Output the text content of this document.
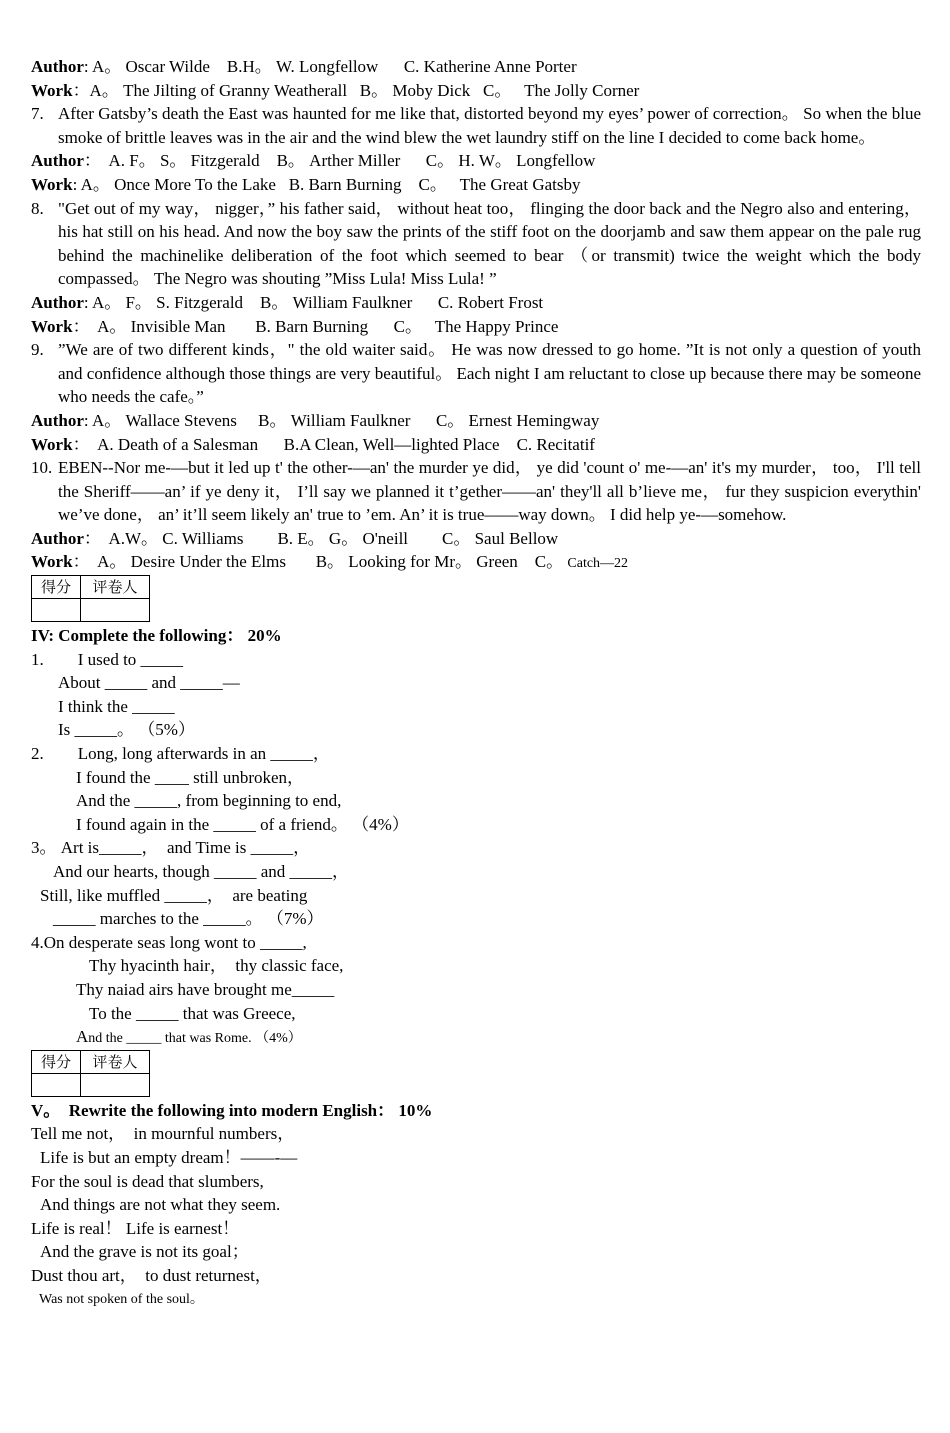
Author: A。 Oscar Wilde    B.H。 W. Longfellow      C. Katherine Anne Porter
Work：A。 The Jilting of Granny Weatherall   B。 Moby Dick   C。   The Jolly Corner
7. After Gatsby’s death the East was haunted for me like that, distorted beyond my eyes’ power of correction。 So when the blue smoke of brittle leaves was in the air and the wind blew the wet laundry stiff on the line I decided to come back home。
Author：  A. F。 S。 Fitzgerald    B。 Arther Miller      C。 H. W。 Longfellow
Work: A。 Once More To the Lake   B. Barn Burning    C。   The Great Gatsby
8. "Get out of my way， nigger，” his father said， without heat too， flinging the door back and the Negro also and entering， his hat still on his head. And now the boy saw the prints of the stiff foot on the doorjamb and saw them appear on the pale rug behind the machinelike deliberation of the foot which seemed to bear （or transmit) twice the weight which the body compassed。 The Negro was shouting ”Miss Lula! Miss Lula! ”
Author: A。 F。 S. Fitzgerald    B。 William Faulkner      C. Robert Frost
Work：  A。 Invisible Man       B. Barn Burning      C。   The Happy Prince
9. ”We are of two different kinds，" the old waiter said。 He was now dressed to go home. ”It is not only a question of youth and confidence although those things are very beautiful。 Each night I am reluctant to close up because there may be someone who needs the cafe。”
Author: A。 Wallace Stevens     B。 William Faulkner      C。 Ernest Hemingway
Work：  A. Death of a Salesman      B.A Clean, Well—lighted Place    C. Recitatif
10. EBEN--Nor me-—but it led up t' the other-—an' the murder ye did， ye did 'count o' me-—an' it's my murder， too， I'll tell the Sheriff——an’ if ye deny it， I’ll say we planned it t’gether——an' they'll all b’lieve me， fur they suspicion everythin' we’ve done， an’ it’ll seem likely an' true to ’em. An’ it is true——way down。 I did help ye-—somehow.
Author：  A.W。 C. Williams        B. E。 G。 O'neill        C。 Saul Bellow
Work：  A。 Desire Under the Elms       B。 Looking for Mr。 Green    C。 Catch—22
得分	评卷人

IV: Complete the following： 20%
1.        I used to _____
About _____ and _____—
I think the _____
Is _____。 （5%）
2.        Long, long afterwards in an _____，
I found the ____ still unbroken，
And the _____, from beginning to end,
I found again in the _____ of a friend。 （4%）
3。 Art is_____，  and Time is _____，
And our hearts, though _____ and _____，
Still, like muffled _____，  are beating
_____ marches to the _____。 （7%）
4.On desperate seas long wont to _____,
Thy hyacinth hair，  thy classic face,
Thy naiad airs have brought me_____
To the _____ that was Greece,
And the _____ that was Rome. （4%）
得分	评卷人

V。  Rewrite the following into modern English： 10%
Tell me not，  in mournful numbers，
Life is but an empty dream！——-—
For the soul is dead that slumbers,
And things are not what they seem.
Life is real！ Life is earnest！
And the grave is not its goal；
Dust thou art，  to dust returnest，
Was not spoken of the soul。
